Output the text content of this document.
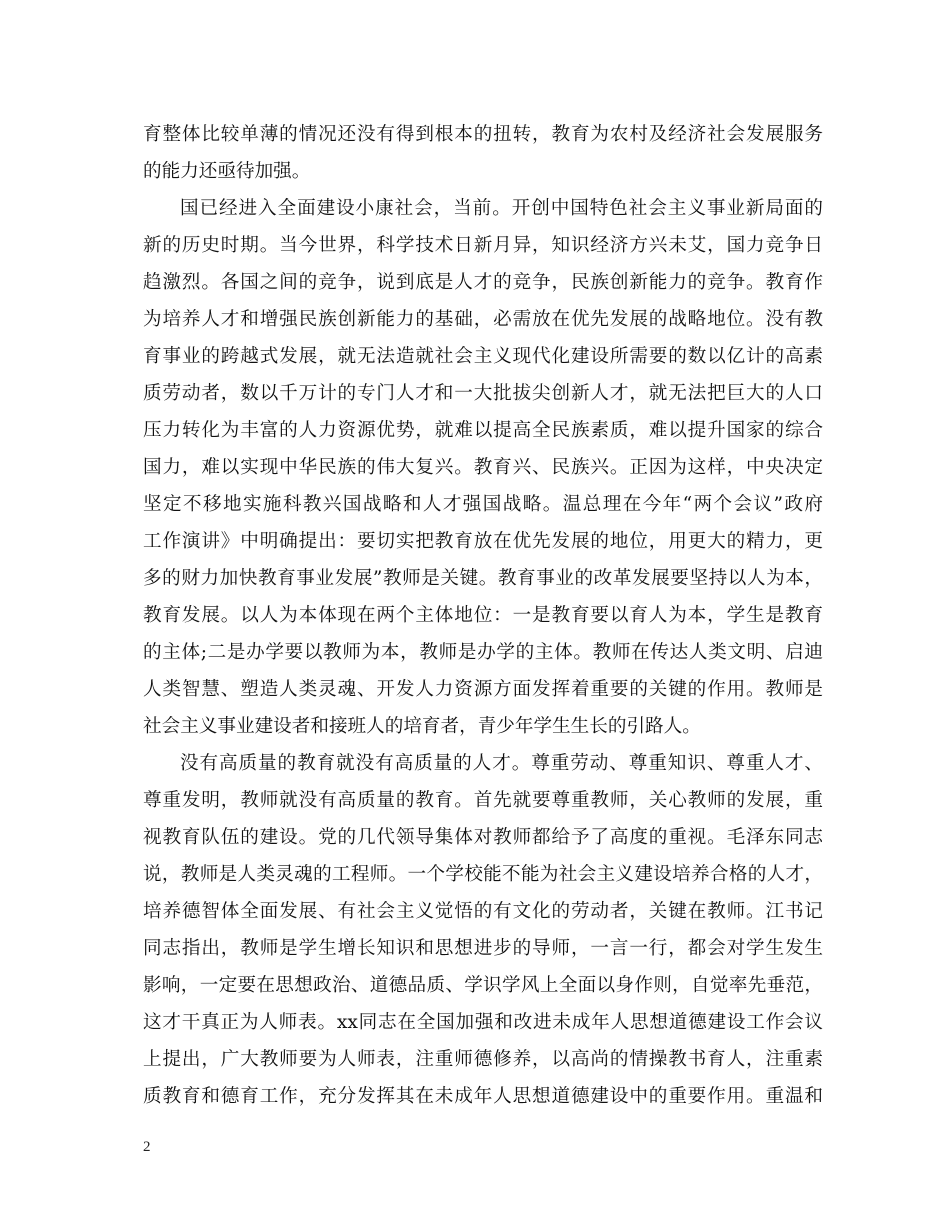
育整体比较单薄的情况还没有得到根本的扭转，教育为农村及经济社会发展服务
的能力还亟待加强。
国已经进入全面建设小康社会，当前。开创中国特色社会主义事业新局面的
新的历史时期。当今世界，科学技术日新月异，知识经济方兴未艾，国力竞争日
趋激烈。各国之间的竞争，说到底是人才的竞争，民族创新能力的竞争。教育作
为培养人才和增强民族创新能力的基础，必需放在优先发展的战略地位。没有教
育事业的跨越式发展，就无法造就社会主义现代化建设所需要的数以亿计的高素
质劳动者，数以千万计的专门人才和一大批拔尖创新人才，就无法把巨大的人口
压力转化为丰富的人力资源优势，就难以提高全民族素质，难以提升国家的综合
国力，难以实现中华民族的伟大复兴。教育兴、民族兴。正因为这样，中央决定
坚定不移地实施科教兴国战略和人才强国战略。温总理在今年“两个会议”政府
工作演讲》中明确提出：要切实把教育放在优先发展的地位，用更大的精力，更
多的财力加快教育事业发展”教师是关键。教育事业的改革发展要坚持以人为本，
教育发展。以人为本体现在两个主体地位：一是教育要以育人为本，学生是教育
的主体;二是办学要以教师为本，教师是办学的主体。教师在传达人类文明、启迪
人类智慧、塑造人类灵魂、开发人力资源方面发挥着重要的关键的作用。教师是
社会主义事业建设者和接班人的培育者，青少年学生生长的引路人。
没有高质量的教育就没有高质量的人才。尊重劳动、尊重知识、尊重人才、
尊重发明，教师就没有高质量的教育。首先就要尊重教师，关心教师的发展，重
视教育队伍的建设。党的几代领导集体对教师都给予了高度的重视。毛泽东同志
说，教师是人类灵魂的工程师。一个学校能不能为社会主义建设培养合格的人才，
培养德智体全面发展、有社会主义觉悟的有文化的劳动者，关键在教师。江书记
同志指出，教师是学生增长知识和思想进步的导师，一言一行，都会对学生发生
影响，一定要在思想政治、道德品质、学识学风上全面以身作则，自觉率先垂范，
这才干真正为人师表。xx同志在全国加强和改进未成年人思想道德建设工作会议
上提出，广大教师要为人师表，注重师德修养，以高尚的情操教书育人，注重素
质教育和德育工作，充分发挥其在未成年人思想道德建设中的重要作用。重温和
2
